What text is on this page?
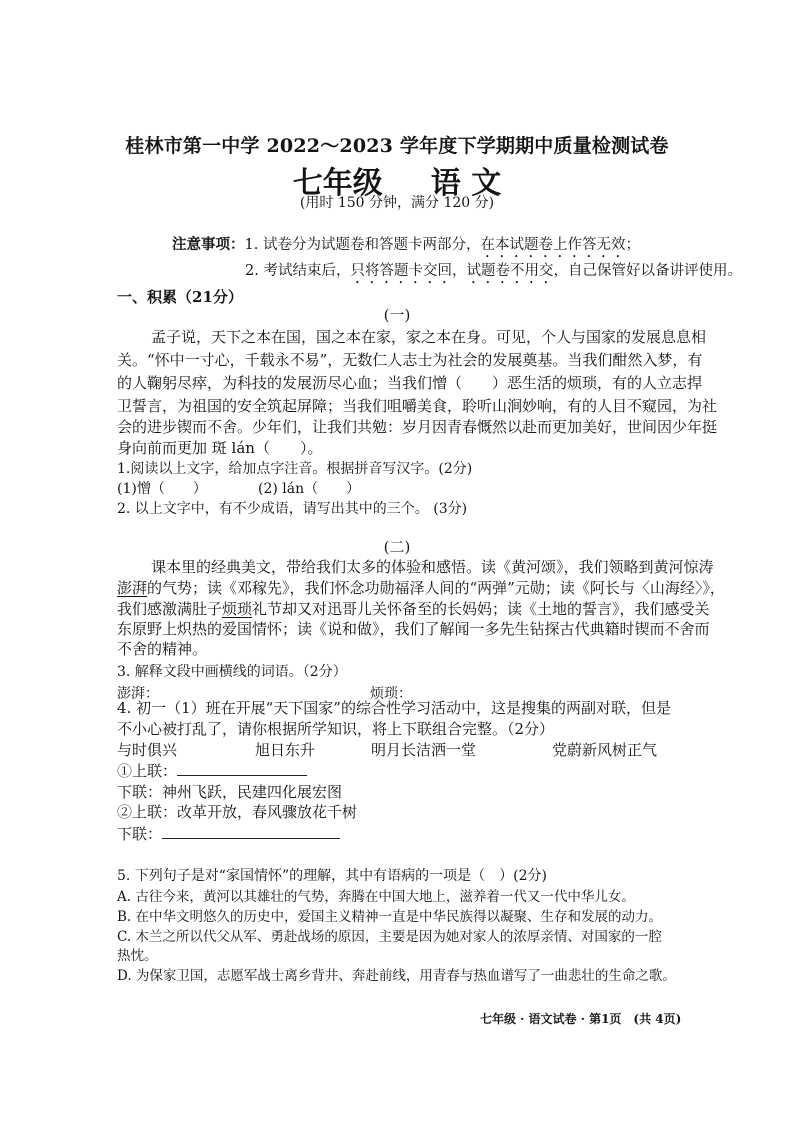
桂林市第一中学 2022～2023 学年度下学期期中质量检测试卷
七年级 语 文
(用时 150 分钟，满分 120 分)
注意事项：1. 试卷分为试题卷和答题卡两部分，在本试题卷上作答无效；
2. 考试结束后，只将答题卡交回，试题卷不用交，自己保管好以备讲评使用。
一、积累（21分）
(一)
孟子说，天下之本在国，国之本在家，家之本在身。可见，个人与国家的发展息息相
关。“怀中一寸心，千载永不易”，无数仁人志士为社会的发展奠基。当我们酣然入梦，有
的人鞠躬尽瘁，为科技的发展沥尽心血；当我们憎（　　）恶生活的烦琐，有的人立志捍
卫誓言，为祖国的安全筑起屏障；当我们咀嚼美食，聆听山涧妙响，有的人目不窥园，为社
会的进步锲而不舍。少年们，让我们共勉：岁月因青春慨然以赴而更加美好，世间因少年挺
身向前而更加 斑 lán（　　）。
1.阅读以上文字，给加点字注音。根据拼音写汉字。(2分)
(1)憎（　　）	(2) lán（　　）
2. 以上文字中，有不少成语，请写出其中的三个。 (3分)
(二)
课本里的经典美文，带给我们太多的体验和感悟。读《黄河颂》，我们领略到黄河惊涛
澎湃的气势；读《邓稼先》，我们怀念功勋福泽人间的“两弹”元勋；读《阿长与〈山海经〉》，
我们感激满肚子烦琐礼节却又对迅哥儿关怀备至的长妈妈；读《土地的誓言》，我们感受关
东原野上炽热的爱国情怀；读《说和做》，我们了解闻一多先生钻探古代典籍时锲而不舍而
不舍的精神。
3. 解释文段中画横线的词语。（2分）
澎湃：	烦琐：
4. 初一（1）班在开展“天下国家”的综合性学习活动中，这是搜集的两副对联，但是
不小心被打乱了，请你根据所学知识，将上下联组合完整。（2分）
与时俱兴	旭日东升	明月长洁洒一堂	党蔚新风树正气
①上联：
下联：神州飞跃，民建四化展宏图
②上联：改革开放，春风骤放花千树
下联：
5. 下列句子是对“家国情怀”的理解，其中有语病的一项是（　）(2分)
A. 古往今来，黄河以其雄壮的气势，奔腾在中国大地上，滋养着一代又一代中华儿女。
B. 在中华文明悠久的历史中，爱国主义精神一直是中华民族得以凝聚、生存和发展的动力。
C. 木兰之所以代父从军、勇赴战场的原因，主要是因为她对家人的浓厚亲情、对国家的一腔
热忱。
D. 为保家卫国，志愿军战士离乡背井、奔赴前线，用青春与热血谱写了一曲悲壮的生命之歌。
七年级 · 语文试卷 · 第1页　(共 4页)
